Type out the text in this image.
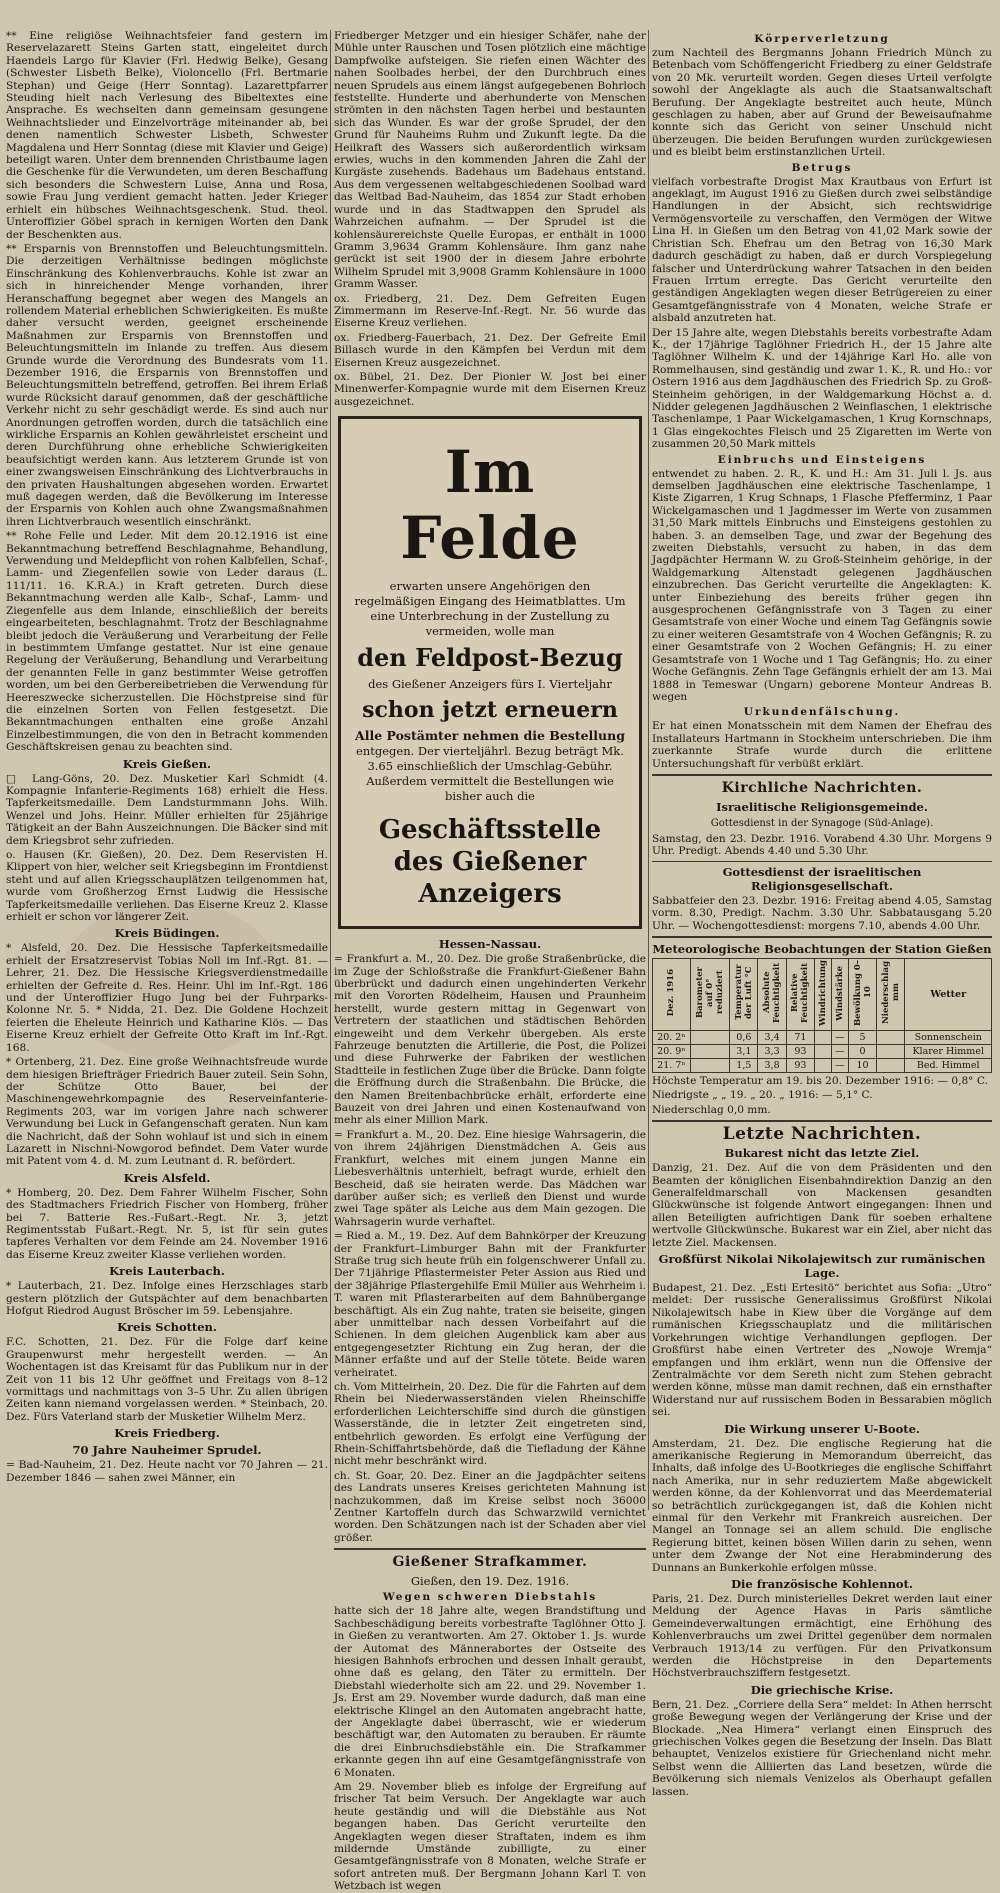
** Eine religiöse Weihnachtsfeier fand gestern im Reservelazarett Steins Garten statt, eingeleitet durch Haendels Largo für Klavier (Frl. Hedwig Belke), Gesang (Schwester Lisbeth Belke), Violoncello (Frl. Bertmarie Stephan) und Geige (Herr Sonntag). Lazarettpfarrer Steuding hielt nach Verlesung des Bibeltextes eine Ansprache. Es wechselten dann gemeinsam gesungene Weihnachtslieder und Einzelvorträge miteinander ab, bei denen namentlich Schwester Lisbeth, Schwester Magdalena und Herr Sonntag (diese mit Klavier und Geige) beteiligt waren. Unter dem brennenden Christbaume lagen die Geschenke für die Verwundeten, um deren Beschaffung sich besonders die Schwestern Luise, Anna und Rosa, sowie Frau Jung verdient gemacht hatten. Jeder Krieger erhielt ein hübsches Weihnachtsgeschenk. Stud. theol. Unteroffizier Göbel sprach in kernigen Worten den Dank der Beschenkten aus.

** Ersparnis von Brennstoffen und Beleuchtungsmitteln. Die derzeitigen Verhältnisse bedingen möglichste Einschränkung des Kohlenverbrauchs. Kohle ist zwar an sich in hinreichender Menge vorhanden, ihrer Heranschaffung begegnet aber wegen des Mangels an rollendem Material erheblichen Schwierigkeiten. Es mußte daher versucht werden, geeignet erscheinende Maßnahmen zur Ersparnis von Brennstoffen und Beleuchtungsmitteln im Inlande zu treffen. Aus diesem Grunde wurde die Verordnung des Bundesrats vom 11. Dezember 1916, die Ersparnis von Brennstoffen und Beleuchtungsmitteln betreffend, getroffen. Bei ihrem Erlaß wurde Rücksicht darauf genommen, daß der geschäftliche Verkehr nicht zu sehr geschädigt werde. Es sind auch nur Anordnungen getroffen worden, durch die tatsächlich eine wirkliche Ersparnis an Kohlen gewährleistet erscheint und deren Durchführung ohne erhebliche Schwierigkeiten beaufsichtigt werden kann. Aus letzterem Grunde ist von einer zwangsweisen Einschränkung des Lichtverbrauchs in den privaten Haushaltungen abgesehen worden. Erwartet muß dagegen werden, daß die Bevölkerung im Interesse der Ersparnis von Kohlen auch ohne Zwangsmaßnahmen ihren Lichtverbrauch wesentlich einschränkt.

** Rohe Felle und Leder. Mit dem 20.12.1916 ist eine Bekanntmachung betreffend Beschlagnahme, Behandlung, Verwendung und Meldepflicht von rohen Kalbfellen, Schaf-, Lamm- und Ziegenfellen sowie von Leder daraus (L. 111/11. 16. K.R.A.) in Kraft getreten. Durch diese Bekanntmachung werden alle Kalb-, Schaf-, Lamm- und Ziegenfelle aus dem Inlande, einschließlich der bereits eingearbeiteten, beschlagnahmt. Trotz der Beschlagnahme bleibt jedoch die Veräußerung und Verarbeitung der Felle in bestimmtem Umfange gestattet. Nur ist eine genaue Regelung der Veräußerung, Behandlung und Verarbeitung der genannten Felle in ganz bestimmter Weise getroffen worden, um bei den Gerbereibetrieben die Verwendung für Heereszwecke sicherzustellen. Die Höchstpreise sind für die einzelnen Sorten von Fellen festgesetzt. Die Bekanntmachungen enthalten eine große Anzahl Einzelbestimmungen, die von den in Betracht kommenden Geschäftskreisen genau zu beachten sind.

Kreis Gießen.

□ Lang-Göns, 20. Dez. Musketier Karl Schmidt (4. Kompagnie Infanterie-Regiments 168) erhielt die Hess. Tapferkeitsmedaille. Dem Landsturmmann Johs. Wilh. Wenzel und Johs. Heinr. Müller erhielten für 25jährige Tätigkeit an der Bahn Auszeichnungen. Die Bäcker sind mit dem Kriegsbrot sehr zufrieden.

o. Hausen (Kr. Gießen), 20. Dez. Dem Reservisten H. Klippert von hier, welcher seit Kriegsbeginn im Frontdienst steht und auf allen Kriegsschauplätzen teilgenommen hat, wurde vom Großherzog Ernst Ludwig die Hessische Tapferkeitsmedaille verliehen. Das Eiserne Kreuz 2. Klasse erhielt er schon vor längerer Zeit.

Kreis Büdingen.

* Alsfeld, 20. Dez. Die Hessische Tapferkeitsmedaille erhielt der Ersatzreservist Tobias Noll im Inf.-Rgt. 81. — Lehrer, 21. Dez. Die Hessische Kriegsverdienstmedaille erhielten der Gefreite d. Res. Heinr. Uhl im Inf.-Rgt. 186 und der Unteroffizier Hugo Jung bei der Fuhrparks-Kolonne Nr. 5. * Nidda, 21. Dez. Die Goldene Hochzeit feierten die Eheleute Heinrich und Katharine Klös. — Das Eiserne Kreuz erhielt der Gefreite Otto Kraft im Inf.-Rgt. 168.

* Ortenberg, 21. Dez. Eine große Weihnachtsfreude wurde dem hiesigen Briefträger Friedrich Bauer zuteil. Sein Sohn, der Schütze Otto Bauer, bei der Maschinengewehrkompagnie des Reserveinfanterie-Regiments 203, war im vorigen Jahre nach schwerer Verwundung bei Luck in Gefangenschaft geraten. Nun kam die Nachricht, daß der Sohn wohlauf ist und sich in einem Lazarett in Nischni-Nowgorod befindet. Dem Vater wurde mit Patent vom 4. d. M. zum Leutnant d. R. befördert.

Kreis Alsfeld.

* Homberg, 20. Dez. Dem Fahrer Wilhelm Fischer, Sohn des Stadtmachers Friedrich Fischer von Homberg, früher bei 7. Batterie Res.-Fußart.-Regt. Nr. 3, jetzt Regimentsstab Fußart.-Regt. Nr. 5, ist für sein gutes tapferes Verhalten vor dem Feinde am 24. November 1916 das Eiserne Kreuz zweiter Klasse verliehen worden.

Kreis Lauterbach.

* Lauterbach, 21. Dez. Infolge eines Herzschlages starb gestern plötzlich der Gutspächter auf dem benachbarten Hofgut Riedrod August Bröscher im 59. Lebensjahre.

Kreis Schotten.

F.C. Schotten, 21. Dez. Für die Folge darf keine Graupenwurst mehr hergestellt werden. — An Wochentagen ist das Kreisamt für das Publikum nur in der Zeit von 11 bis 12 Uhr geöffnet und Freitags von 8–12 vormittags und nachmittags von 3–5 Uhr. Zu allen übrigen Zeiten kann niemand vorgelassen werden. * Steinbach, 20. Dez. Fürs Vaterland starb der Musketier Wilhelm Merz.

Kreis Friedberg.
70 Jahre Nauheimer Sprudel.

= Bad-Nauheim, 21. Dez. Heute nacht vor 70 Jahren — 21. Dezember 1846 — sahen zwei Männer, ein

Friedberger Metzger und ein hiesiger Schäfer, nahe der Mühle unter Rauschen und Tosen plötzlich eine mächtige Dampfwolke aufsteigen. Sie riefen einen Wächter des nahen Soolbades herbei, der den Durchbruch eines neuen Sprudels aus einem längst aufgegebenen Bohrloch feststellte. Hunderte und aberhunderte von Menschen strömten in den nächsten Tagen herbei und bestaunten sich das Wunder. Es war der große Sprudel, der den Grund für Nauheims Ruhm und Zukunft legte. Da die Heilkraft des Wassers sich außerordentlich wirksam erwies, wuchs in den kommenden Jahren die Zahl der Kurgäste zusehends. Badehaus um Badehaus entstand. Aus dem vergessenen weltabgeschiedenen Soolbad ward das Weltbad Bad-Nauheim, das 1854 zur Stadt erhoben wurde und in das Stadtwappen den Sprudel als Wahrzeichen aufnahm. — Der Sprudel ist die kohlensäurereichste Quelle Europas, er enthält in 1000 Gramm 3,9634 Gramm Kohlensäure. Ihm ganz nahe gerückt ist seit 1900 der in diesem Jahre erbohrte Wilhelm Sprudel mit 3,9008 Gramm Kohlensäure in 1000 Gramm Wasser.

ox. Friedberg, 21. Dez. Dem Gefreiten Eugen Zimmermann im Reserve-Inf.-Regt. Nr. 56 wurde das Eiserne Kreuz verliehen.

ox. Friedberg-Fauerbach, 21. Dez. Der Gefreite Emil Billasch wurde in den Kämpfen bei Verdun mit dem Eisernen Kreuz ausgezeichnet.

ox. Bübel, 21. Dez. Der Pionier W. Jost bei einer Minenwerfer-Kompagnie wurde mit dem Eisernen Kreuz ausgezeichnet.

Im Felde

erwarten unsere Angehörigen den regelmäßigen Eingang des Heimatblattes. Um eine Unterbrechung in der Zustellung zu vermeiden, wolle man

den Feldpost-Bezug

des Gießener Anzeigers fürs I. Vierteljahr

schon jetzt erneuern
Alle Postämter nehmen die Bestellung

entgegen. Der vierteljährl. Bezug beträgt Mk. 3.65 einschließlich der Umschlag-Gebühr. Außerdem vermittelt die Bestellungen wie bisher auch die

Geschäftsstelle des Gießener Anzeigers
Hessen-Nassau.

= Frankfurt a. M., 20. Dez. Die große Straßenbrücke, die im Zuge der Schloßstraße die Frankfurt-Gießener Bahn überbrückt und dadurch einen ungehinderten Verkehr mit den Vororten Rödelheim, Hausen und Praunheim herstellt, wurde gestern mittag in Gegenwart von Vertretern der staatlichen und städtischen Behörden eingeweiht und dem Verkehr übergeben. Als erste Fahrzeuge benutzten die Artillerie, die Post, die Polizei und diese Fuhrwerke der Fabriken der westlichen Stadtteile in festlichen Zuge über die Brücke. Dann folgte die Eröffnung durch die Straßenbahn. Die Brücke, die den Namen Breitenbachbrücke erhält, erforderte eine Bauzeit von drei Jahren und einen Kostenaufwand von mehr als einer Million Mark.

= Frankfurt a. M., 20. Dez. Eine hiesige Wahrsagerin, die von ihrem 24jährigen Dienstmädchen A. Geis aus Frankfurt, welches mit einem jungen Manne ein Liebesverhältnis unterhielt, befragt wurde, erhielt den Bescheid, daß sie heiraten werde. Das Mädchen war darüber außer sich; es verließ den Dienst und wurde zwei Tage später als Leiche aus dem Main gezogen. Die Wahrsagerin wurde verhaftet.

= Ried a. M., 19. Dez. Auf dem Bahnkörper der Kreuzung der Frankfurt–Limburger Bahn mit der Frankfurter Straße trug sich heute früh ein folgenschwerer Unfall zu. Der 71jährige Pflastermeister Peter Assion aus Ried und der 38jährige Pflastergehilfe Emil Müller aus Wehrheim i. T. waren mit Pflasterarbeiten auf dem Bahnübergange beschäftigt. Als ein Zug nahte, traten sie beiseite, gingen aber unmittelbar nach dessen Vorbeifahrt auf die Schienen. In dem gleichen Augenblick kam aber aus entgegengesetzter Richtung ein Zug heran, der die Männer erfaßte und auf der Stelle tötete. Beide waren verheiratet.

ch. Vom Mittelrhein, 20. Dez. Die für die Fahrten auf dem Rhein bei Niederwasserständen vielen Rheinschiffe erforderlichen Leichterschiffe sind durch die günstigen Wasserstände, die in letzter Zeit eingetreten sind, entbehrlich geworden. Es erfolgt eine Verfügung der Rhein-Schiffahrtsbehörde, daß die Tiefladung der Kähne nicht mehr beschränkt wird.

ch. St. Goar, 20. Dez. Einer an die Jagdpächter seitens des Landrats unseres Kreises gerichteten Mahnung ist nachzukommen, daß im Kreise selbst noch 36000 Zentner Kartoffeln durch das Schwarzwild vernichtet worden. Den Schätzungen nach ist der Schaden aber viel größer.

Gießener Strafkammer.
Gießen, den 19. Dez. 1916.
Wegen schweren Diebstahls

hatte sich der 18 Jahre alte, wegen Brandstiftung und Sachbeschädigung bereits vorbestrafte Taglöhner Otto J. in Gießen zu verantworten. Am 27. Oktober 1. Js. wurde der Automat des Männerabortes der Ostseite des hiesigen Bahnhofs erbrochen und dessen Inhalt geraubt, ohne daß es gelang, den Täter zu ermitteln. Der Diebstahl wiederholte sich am 22. und 29. November 1. Js. Erst am 29. November wurde dadurch, daß man eine elektrische Klingel an den Automaten angebracht hatte, der Angeklagte dabei überrascht, wie er wiederum beschäftigt war, den Automaten zu berauben. Er räumte die drei Einbruchsdiebstähle ein. Die Strafkammer erkannte gegen ihn auf eine Gesamtgefängnisstrafe von 6 Monaten.

Am 29. November blieb es infolge der Ergreifung auf frischer Tat beim Versuch. Der Angeklagte war auch heute geständig und will die Diebstähle aus Not begangen haben. Das Gericht verurteilte den Angeklagten wegen dieser Straftaten, indem es ihm mildernde Umstände zubilligte, zu einer Gesamtgefängnisstrafe von 8 Monaten, welche Strafe er sofort antreten muß. Der Bergmann Johann Karl T. von Wetzbach ist wegen

Körperverletzung

zum Nachteil des Bergmanns Johann Friedrich Münch zu Betenbach vom Schöffengericht Friedberg zu einer Geldstrafe von 20 Mk. verurteilt worden. Gegen dieses Urteil verfolgte sowohl der Angeklagte als auch die Staatsanwaltschaft Berufung. Der Angeklagte bestreitet auch heute, Münch geschlagen zu haben, aber auf Grund der Beweisaufnahme konnte sich das Gericht von seiner Unschuld nicht überzeugen. Die beiden Berufungen wurden zurückgewiesen und es bleibt beim erstinstanzlichen Urteil.

Betrugs

vielfach vorbestrafte Drogist Max Krautbaus von Erfurt ist angeklagt, im August 1916 zu Gießen durch zwei selbständige Handlungen in der Absicht, sich rechtswidrige Vermögensvorteile zu verschaffen, den Vermögen der Witwe Lina H. in Gießen um den Betrag von 41,02 Mark sowie der Christian Sch. Ehefrau um den Betrag von 16,30 Mark dadurch geschädigt zu haben, daß er durch Vorspiegelung falscher und Unterdrückung wahrer Tatsachen in den beiden Frauen Irrtum erregte. Das Gericht verurteilte den geständigen Angeklagten wegen dieser Betrügereien zu einer Gesamtgefängnisstrafe von 4 Monaten, welche Strafe er alsbald anzutreten hat.

Der 15 Jahre alte, wegen Diebstahls bereits vorbestrafte Adam K., der 17jährige Taglöhner Friedrich H., der 15 Jahre alte Taglöhner Wilhelm K. und der 14jährige Karl Ho. alle von Rommelhausen, sind geständig und zwar 1. K., R. und Ho.: vor Ostern 1916 aus dem Jagdhäuschen des Friedrich Sp. zu Groß-Steinheim gehörigen, in der Waldgemarkung Höchst a. d. Nidder gelegenen Jagdhäuschen 2 Weinflaschen, 1 elektrische Taschenlampe, 1 Paar Wickelgamaschen, 1 Krug Kornschnaps, 1 Glas eingekochtes Fleisch und 25 Zigaretten im Werte von zusammen 20,50 Mark mittels

Einbruchs und Einsteigens

entwendet zu haben. 2. R., K. und H.: Am 31. Juli l. Js. aus demselben Jagdhäuschen eine elektrische Taschenlampe, 1 Kiste Zigarren, 1 Krug Schnaps, 1 Flasche Pfefferminz, 1 Paar Wickelgamaschen und 1 Jagdmesser im Werte von zusammen 31,50 Mark mittels Einbruchs und Einsteigens gestohlen zu haben. 3. an demselben Tage, und zwar der Begehung des zweiten Diebstahls, versucht zu haben, in das dem Jagdpächter Hermann W. zu Groß-Steinheim gehörige, in der Waldgemarkung Altenstadt gelegenen Jagdhäuschen einzubrechen. Das Gericht verurteilte die Angeklagten: K. unter Einbeziehung des bereits früher gegen ihn ausgesprochenen Gefängnisstrafe von 3 Tagen zu einer Gesamtstrafe von einer Woche und einem Tag Gefängnis sowie zu einer weiteren Gesamtstrafe von 4 Wochen Gefängnis; R. zu einer Gesamtstrafe von 2 Wochen Gefängnis; H. zu einer Gesamtstrafe von 1 Woche und 1 Tag Gefängnis; Ho. zu einer Woche Gefängnis. Zehn Tage Gefängnis erhielt der am 13. Mai 1888 in Temeswar (Ungarn) geborene Monteur Andreas B. wegen

Urkundenfälschung.

Er hat einen Monatsschein mit dem Namen der Ehefrau des Installateurs Hartmann in Stockheim unterschrieben. Die ihm zuerkannte Strafe wurde durch die erlittene Untersuchungshaft für verbüßt erklärt.

Kirchliche Nachrichten.
Israelitische Religionsgemeinde.
Gottesdienst in der Synagoge (Süd-Anlage).

Samstag, den 23. Dezbr. 1916. Vorabend 4.30 Uhr. Morgens 9 Uhr. Predigt. Abends 4.40 und 5.30 Uhr.

Gottesdienst der israelitischen Religionsgesellschaft.

Sabbatfeier den 23. Dezbr. 1916: Freitag abend 4.05, Samstag vorm. 8.30, Predigt. Nachm. 3.30 Uhr. Sabbatausgang 5.20 Uhr. — Wochengottesdienst: morgens 7.10, abends 4.00 Uhr.

Meteorologische Beobachtungen der Station Gießen
Dez. 1916	Barometer auf 0° reduziert	Temperatur der Luft °C	Absolute Feuchtigkeit	Relative Feuchtigkeit	Windrichtung	Windstärke	Bewölkung 0–10	Niederschlag mm	Wetter
20. 2ⁿ		0,6	3,4	71		—	5		Sonnenschein
20. 9ⁿ		3,1	3,3	93		—	0		Klarer Himmel
21. 7ⁿ		1,5	3,8	93		—	10		Bed. Himmel

Höchste Temperatur am 19. bis 20. Dezember 1916: — 0,8° C.

Niedrigste „ „ 19. „ 20. „ 1916: — 5,1° C.

Niederschlag 0,0 mm.

Letzte Nachrichten.
Bukarest nicht das letzte Ziel.

Danzig, 21. Dez. Auf die von dem Präsidenten und den Beamten der königlichen Eisenbahndirektion Danzig an den Generalfeldmarschall von Mackensen gesandten Glückwünsche ist folgende Antwort eingegangen: Ihnen und allen Beteiligten aufrichtigen Dank für soeben erhaltene wertvolle Glückwünsche. Bukarest war ein Ziel, aber nicht das letzte Ziel. Mackensen.

Großfürst Nikolai Nikolajewitsch zur rumänischen Lage.

Budapest, 21. Dez. „Esti Ertesitö“ berichtet aus Sofia: „Utro“ meldet: Der russische Generalissimus Großfürst Nikolai Nikolajewitsch habe in Kiew über die Vorgänge auf dem rumänischen Kriegsschauplatz und die militärischen Vorkehrungen wichtige Verhandlungen gepflogen. Der Großfürst habe einen Vertreter des „Nowoje Wremja“ empfangen und ihm erklärt, wenn nun die Offensive der Zentralmächte vor dem Sereth nicht zum Stehen gebracht werden könne, müsse man damit rechnen, daß ein ernsthafter Widerstand nur auf russischem Boden in Bessarabien möglich sei.

Die Wirkung unserer U-Boote.

Amsterdam, 21. Dez. Die englische Regierung hat die amerikanische Regierung in Memorandum überreicht, das Inhalts, daß infolge des U-Bootkrieges die englische Schiffahrt nach Amerika, nur in sehr reduziertem Maße abgewickelt werden könne, da der Kohlenvorrat und das Meerdematerial so beträchtlich zurückgegangen ist, daß die Kohlen nicht einmal für den Verkehr mit Frankreich ausreichen. Der Mangel an Tonnage sei an allem schuld. Die englische Regierung bittet, keinen bösen Willen darin zu sehen, wenn unter dem Zwange der Not eine Herabminderung des Dunnans an Bunkerkohle erfolgen müsse.

Die französische Kohlennot.

Paris, 21. Dez. Durch ministerielles Dekret werden laut einer Meldung der Agence Havas in Paris sämtliche Gemeindeverwaltungen ermächtigt, eine Erhöhung des Kohlenverbrauchs um zwei Drittel gegenüber dem normalen Verbrauch 1913/14 zu verfügen. Für den Privatkonsum werden die Höchstpreise in den Departements Höchstverbrauchsziffern festgesetzt.

Die griechische Krise.

Bern, 21. Dez. „Corriere della Sera“ meldet: In Athen herrscht große Bewegung wegen der Verlängerung der Krise und der Blockade. „Nea Himera“ verlangt einen Einspruch des griechischen Volkes gegen die Besetzung der Inseln. Das Blatt behauptet, Venizelos existiere für Griechenland nicht mehr. Selbst wenn die Alliierten das Land besetzen, würde die Bevölkerung sich niemals Venizelos als Oberhaupt gefallen lassen.
